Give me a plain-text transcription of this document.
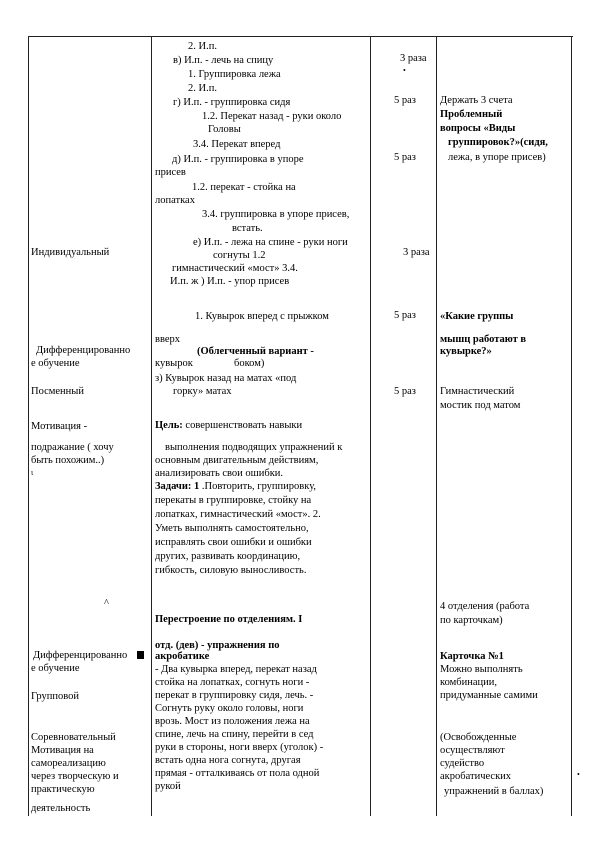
Индивидуальный
Дифференцированно
е обучение
Посменный
Мотивация -
подражание ( хочу
быть похожим..)
ι
^
Дифференцированно
е обучение
Групповой
Соревновательный
Мотивация на
самореализацию
через творческую и
практическую
деятельность
2. И.п.
в) И.п. - лечь на спицу
1. Группировка лежа
2. И.п.
г) И.п. - группировка сидя
1.2. Перекат назад - руки около
Головы
3.4. Перекат вперед
д) И.п. - группировка в упоре
присев
1.2. перекат - стойка на
лопатках
3.4. группировка в упоре присев,
встать.
е) И.п. - лежа на спине - руки ноги
согнуты 1.2
гимнастический «мост» 3.4.
И.п. ж ) И.п. - упор присев
1. Кувырок вперед с прыжком
вверх
(Облегченный вариант -
кувырок	боком)
з) Кувырок назад на матах «под
горку» матах
Цель: совершенствовать навыки
выполнения подводящих упражнений к
основным двигательным действиям,
анализировать свои ошибки.
Задачи: 1 .Повторить, группировку,
перекаты в группировке, стойку на
лопатках, гимнастический «мост». 2.
Уметь выполнять самостоятельно,
исправлять свои ошибки и ошибки
других, развивать координацию,
гибкость, силовую выносливость.
Перестроение по отделениям. I
отд. (дев) - упражнения по
акробатике
- Два кувырка вперед, перекат назад
стойка на лопатках, согнуть ноги -
перекат в группировку сидя, лечь. -
Согнуть руку около головы, ноги
врозь. Мост из положения лежа на
спине, лечь на спину, перейти в сед
руки в стороны, ноги вверх (уголок) -
встать одна нога согнута, другая
прямая - отталкиваясь от пола одной
рукой
3 раза
•
5 раз
5 раз
3 раза
5 раз
5 раз
Держать 3 счета
Проблемный
вопросы «Виды
группировок?»(сидя,
лежа, в упоре присев)
«Какие группы
мышц работают в
кувырке?»
Гимнастический
мостик под матом
4 отделения (работа
по карточкам)
Карточка №1
Можно выполнять
комбинации,
придуманные самими
(Освобожденные
осуществляют
судейство
акробатических
упражнений в баллах)
•
